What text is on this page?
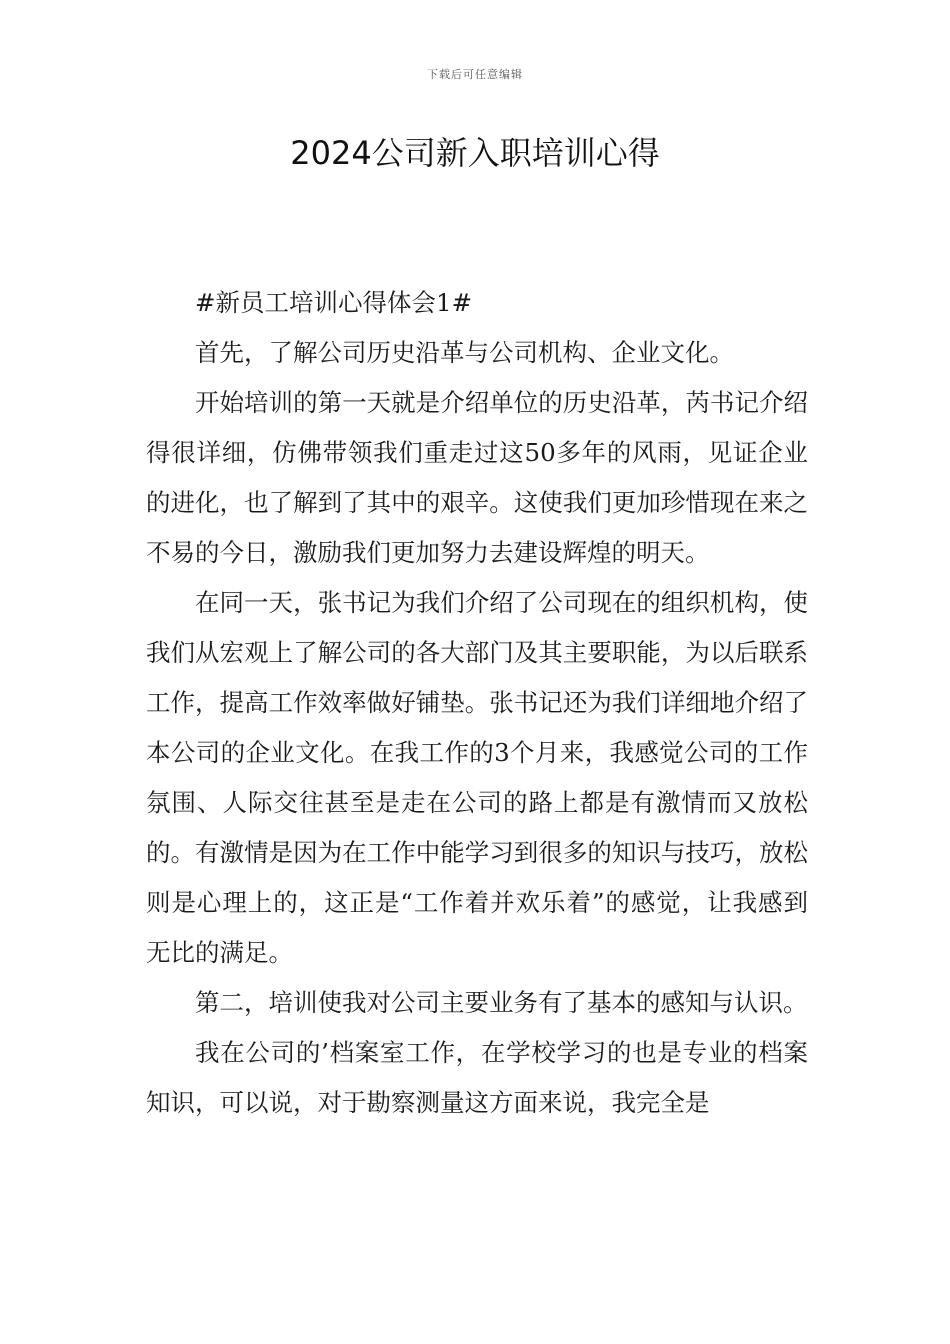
下载后可任意编辑
2024公司新入职培训心得

#新员工培训心得体会1#

首先，了解公司历史沿革与公司机构、企业文化。

开始培训的第一天就是介绍单位的历史沿革，芮书记介绍得很详细，仿佛带领我们重走过这50多年的风雨，见证企业的进化，也了解到了其中的艰辛。这使我们更加珍惜现在来之不易的今日，激励我们更加努力去建设辉煌的明天。

在同一天，张书记为我们介绍了公司现在的组织机构，使我们从宏观上了解公司的各大部门及其主要职能，为以后联系工作，提高工作效率做好铺垫。张书记还为我们详细地介绍了本公司的企业文化。在我工作的3个月来，我感觉公司的工作氛围、人际交往甚至是走在公司的路上都是有激情而又放松的。有激情是因为在工作中能学习到很多的知识与技巧，放松则是心理上的，这正是“工作着并欢乐着”的感觉，让我感到无比的满足。

第二，培训使我对公司主要业务有了基本的感知与认识。

我在公司的’档案室工作，在学校学习的也是专业的档案知识，可以说，对于勘察测量这方面来说，我完全是
